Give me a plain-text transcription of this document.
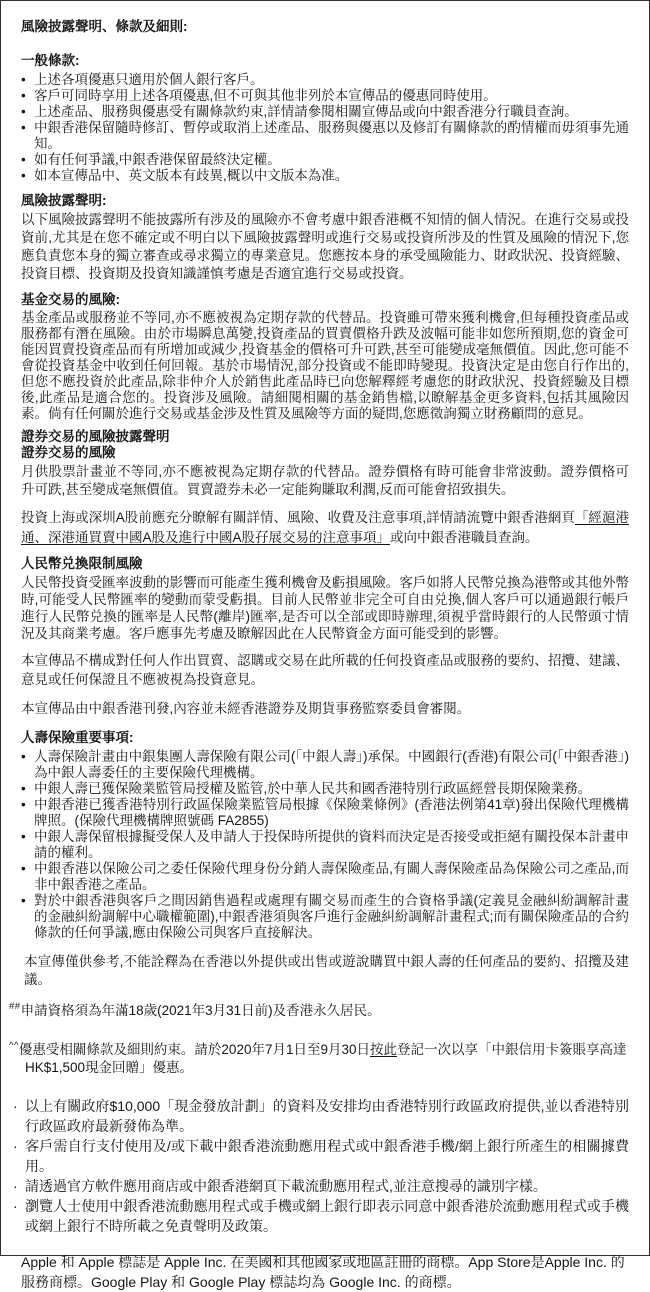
風險披露聲明、條款及細則:
一般條款:
• 上述各項優惠只適用於個人銀行客戶。
• 客戶可同時享用上述各項優惠,但不可與其他非列於本宣傳品的優惠同時使用。
• 上述產品、服務與優惠受有關條款約束,詳情請參閱相關宣傳品或向中銀香港分行職員查詢。
• 中銀香港保留隨時修訂、暫停或取消上述產品、服務與優惠以及修訂有關條款的酌情權而毋須事先通知。
• 如有任何爭議,中銀香港保留最終決定權。
• 如本宣傳品中、英文版本有歧異,概以中文版本為准。
風險披露聲明:
以下風險披露聲明不能披露所有涉及的風險亦不會考慮中銀香港概不知情的個人情況。在進行交易或投資前,尤其是在您不確定或不明白以下風險披露聲明或進行交易或投資所涉及的性質及風險的情況下,您應負責您本身的獨立審查或尋求獨立的專業意見。您應按本身的承受風險能力、財政狀況、投資經驗、投資目標、投資期及投資知識謹慎考慮是否適宜進行交易或投資。
基金交易的風險:
基金產品或服務並不等同,亦不應被視為定期存款的代替品。投資雖可帶來獲利機會,但每種投資產品或服務都有潛在風險。由於市場瞬息萬變,投資產品的買賣價格升跌及波幅可能非如您所預期,您的資金可能因買賣投資產品而有所增加或減少,投資基金的價格可升可跌,甚至可能變成毫無價值。因此,您可能不會從投資基金中收到任何回報。基於市場情況,部分投資或不能即時變現。投資決定是由您自行作出的,但您不應投資於此產品,除非仲介人於銷售此產品時已向您解釋經考慮您的財政狀況、投資經驗及目標後,此產品是適合您的。投資涉及風險。請細閱相關的基金銷售檔,以瞭解基金更多資料,包括其風險因素。倘有任何關於進行交易或基金涉及性質及風險等方面的疑問,您應徵詢獨立財務顧問的意見。
證券交易的風險披露聲明
證券交易的風險
月供股票計畫並不等同,亦不應被視為定期存款的代替品。證券價格有時可能會非常波動。證券價格可升可跌,甚至變成毫無價值。買賣證券未必一定能夠賺取利潤,反而可能會招致損失。
投資上海或深圳A股前應充分瞭解有關詳情、風險、收費及注意事項,詳情請流覽中銀香港網頁「經滬港通、深港通買賣中國A股及進行中國A股孖展交易的注意事項」或向中銀香港職員查詢。
人民幣兑換限制風險
人民幣投資受匯率波動的影響而可能產生獲利機會及虧損風險。客戶如將人民幣兑換為港幣或其他外幣時,可能受人民幣匯率的變動而蒙受虧損。目前人民幣並非完全可自由兑換,個人客戶可以通過銀行帳戶進行人民幣兑換的匯率是人民幣(離岸)匯率,是否可以全部或即時辦理,須視乎當時銀行的人民幣頭寸情況及其商業考慮。客戶應事先考慮及瞭解因此在人民幣資金方面可能受到的影響。
本宣傳品不構成對任何人作出買賣、認購或交易在此所載的任何投資產品或服務的要約、招攬、建議、意見或任何保證且不應被視為投資意見。
本宣傳品由中銀香港刊發,內容並未經香港證券及期貨事務監察委員會審閱。
人壽保險重要事項:
• 人壽保險計畫由中銀集團人壽保險有限公司(「中銀人壽」)承保。中國銀行(香港)有限公司(「中銀香港」)為中銀人壽委任的主要保險代理機構。
• 中銀人壽已獲保險業監管局授權及監管,於中華人民共和國香港特別行政區經營長期保險業務。
• 中銀香港已獲香港特別行政區保險業監管局根據《保險業條例》(香港法例第41章)發出保險代理機構牌照。(保險代理機構牌照號碼 FA2855)
• 中銀人壽保留根據擬受保人及申請人于投保時所提供的資料而決定是否接受或拒絕有關投保本計畫申請的權利。
• 中銀香港以保險公司之委任保險代理身份分銷人壽保險產品,有關人壽保險產品為保險公司之產品,而非中銀香港之產品。
• 對於中銀香港與客戶之間因銷售過程或處理有關交易而產生的合資格爭議(定義見金融糾紛調解計畫的金融糾紛調解中心職權範圍),中銀香港須與客戶進行金融糾紛調解計畫程式;而有關保險產品的合約條款的任何爭議,應由保險公司與客戶直接解決。
本宣傳僅供參考,不能詮釋為在香港以外提供或出售或遊說購買中銀人壽的任何產品的要約、招攬及建議。
##申請資格須為年滿18歲(2021年3月31日前)及香港永久居民。
^^優惠受相關條款及細則約束。請於2020年7月1日至9月30日按此登記一次以享「中銀信用卡簽賬享高達HK$1,500現金回贈」優惠。
· 以上有關政府$10,000「現金發放計劃」的資料及安排均由香港特別行政區政府提供,並以香港特別行政區政府最新發佈為準。
· 客戶需自行支付使用及/或下載中銀香港流動應用程式或中銀香港手機/網上銀行所產生的相關據費用。
· 請透過官方軟件應用商店或中銀香港網頁下載流動應用程式,並注意搜尋的識別字樣。
· 瀏覽人士使用中銀香港流動應用程式或手機或網上銀行即表示同意中銀香港於流動應用程式或手機或網上銀行不時所載之免責聲明及政策。
Apple 和 Apple 標誌是 Apple Inc. 在美國和其他國家或地區註冊的商標。App Store是Apple Inc. 的服務商標。Google Play 和 Google Play 標誌均為 Google Inc. 的商標。
